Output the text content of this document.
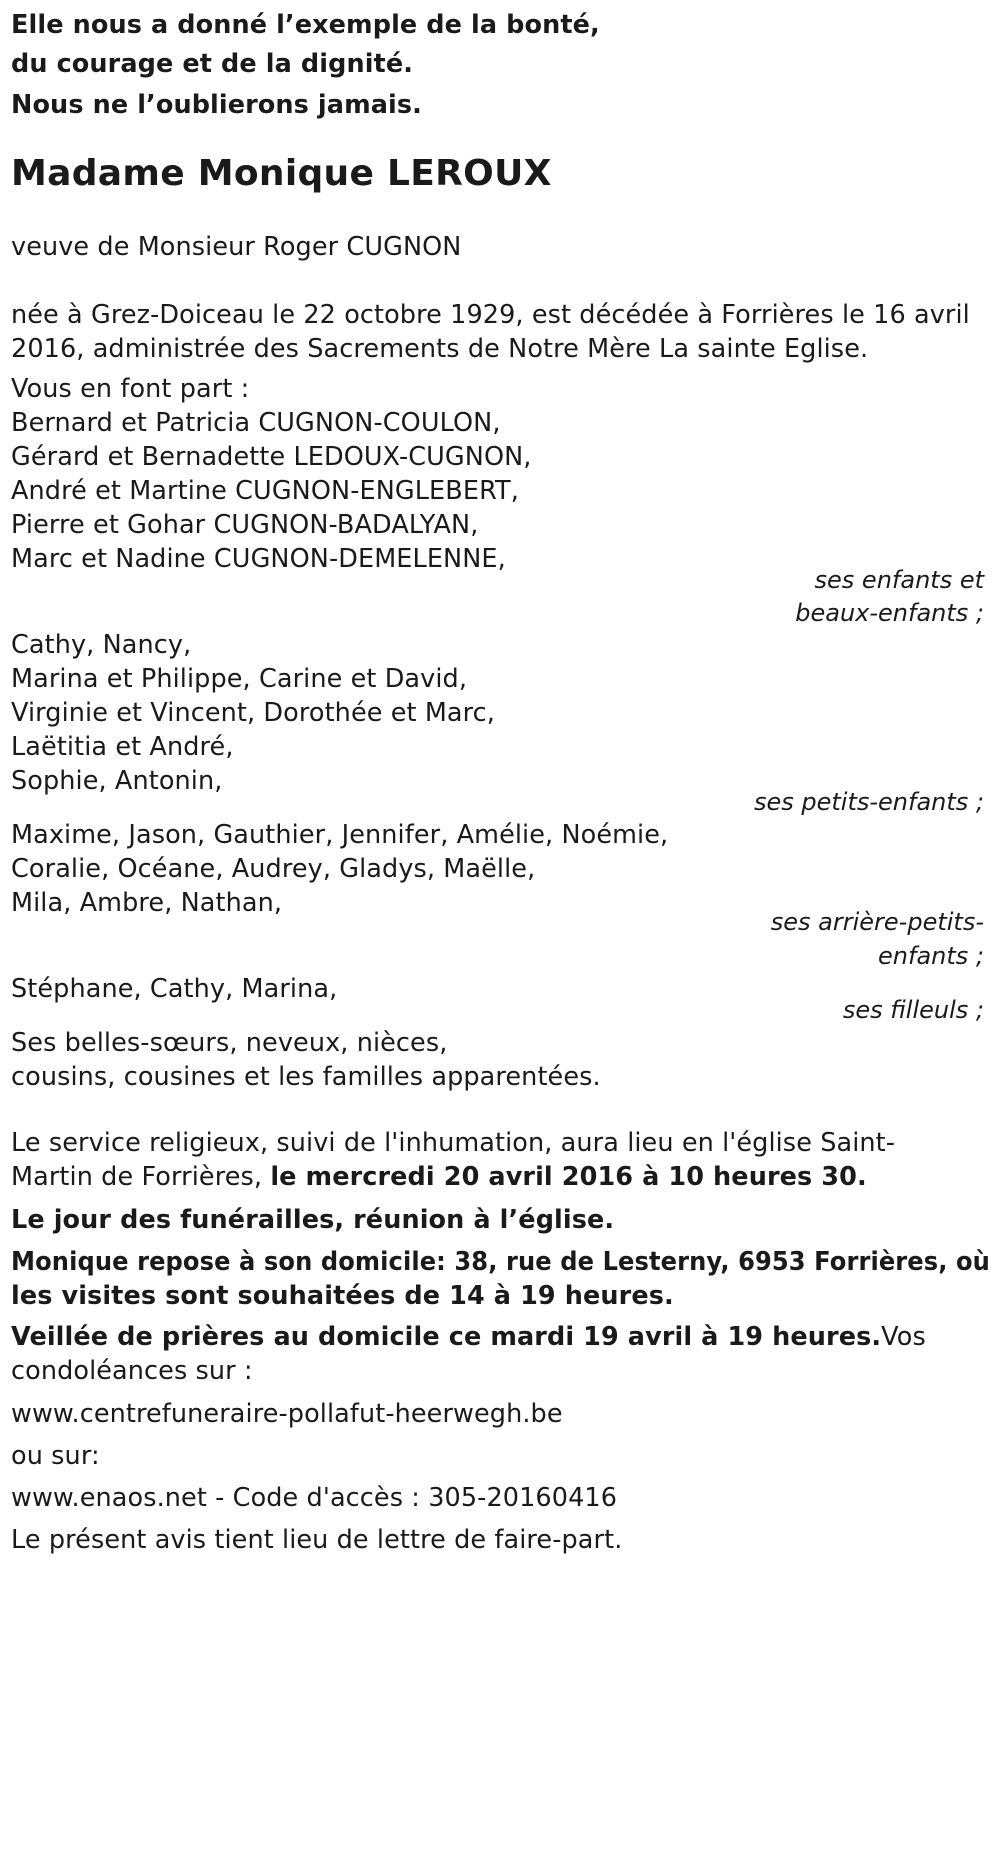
Elle nous a donné l’exemple de la bonté,
du courage et de la dignité.
Nous ne l’oublierons jamais.
Madame Monique LEROUX
veuve de Monsieur Roger CUGNON
née à Grez-Doiceau le 22 octobre 1929, est décédée à Forrières le 16 avril
2016, administrée des Sacrements de Notre Mère La sainte Eglise.
Vous en font part :
Bernard et Patricia CUGNON-COULON,
Gérard et Bernadette LEDOUX-CUGNON,
André et Martine CUGNON-ENGLEBERT,
Pierre et Gohar CUGNON-BADALYAN,
Marc et Nadine CUGNON-DEMELENNE,
ses enfants et
beaux-enfants ;
Cathy, Nancy,
Marina et Philippe, Carine et David,
Virginie et Vincent, Dorothée et Marc,
Laëtitia et André,
Sophie, Antonin,
ses petits-enfants ;
Maxime, Jason, Gauthier, Jennifer, Amélie, Noémie,
Coralie, Océane, Audrey, Gladys, Maëlle,
Mila, Ambre, Nathan,
ses arrière-petits-
enfants ;
Stéphane, Cathy, Marina,
ses filleuls ;
Ses belles-sœurs, neveux, nièces,
cousins, cousines et les familles apparentées.
Le service religieux, suivi de l'inhumation, aura lieu en l'église Saint-
Martin de Forrières, le mercredi 20 avril 2016 à 10 heures 30.
Le jour des funérailles, réunion à l’église.
Monique repose à son domicile: 38, rue de Lesterny, 6953 Forrières, où
les visites sont souhaitées de 14 à 19 heures.
Veillée de prières au domicile ce mardi 19 avril à 19 heures.Vos
condoléances sur :
www.centrefuneraire-pollafut-heerwegh.be
ou sur:
www.enaos.net - Code d'accès : 305-20160416
Le présent avis tient lieu de lettre de faire-part.
